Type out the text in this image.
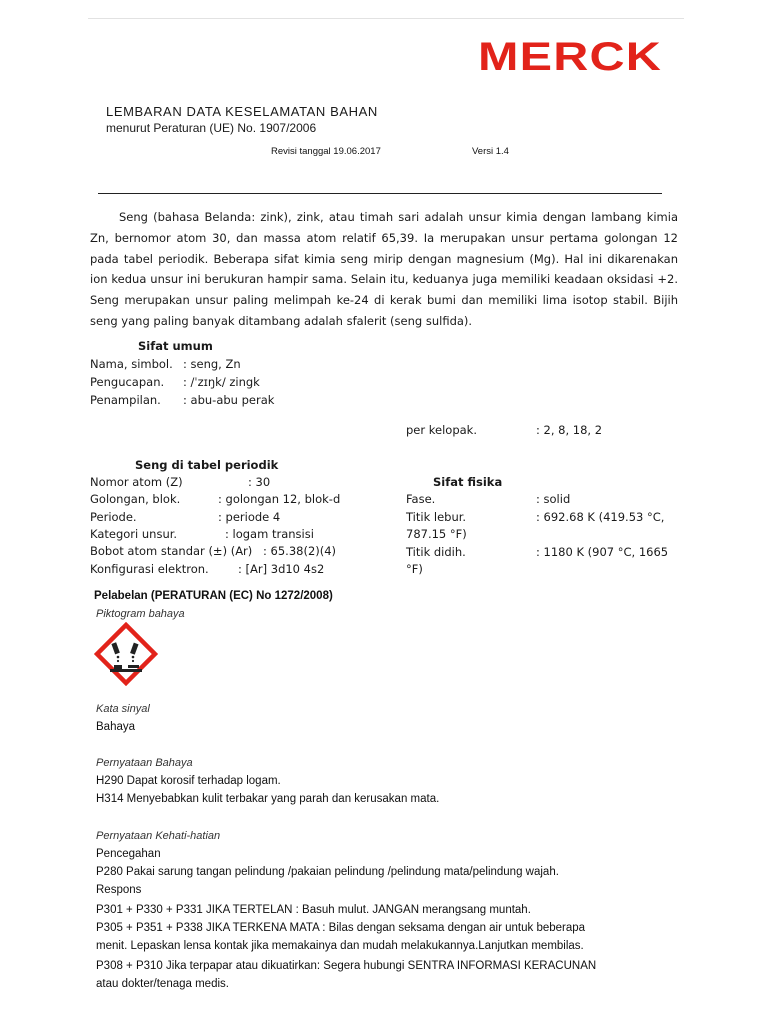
MERCK
LEMBARAN DATA KESELAMATAN BAHAN
menurut Peraturan (UE) No. 1907/2006
Revisi tanggal 19.06.2017	Versi 1.4

Seng (bahasa Belanda: zink), zink, atau timah sari adalah unsur kimia dengan lambang kimia Zn, bernomor atom 30, dan massa atom relatif 65,39. Ia merupakan unsur pertama golongan 12 pada tabel periodik. Beberapa sifat kimia seng mirip dengan magnesium (Mg). Hal ini dikarenakan ion kedua unsur ini berukuran hampir sama. Selain itu, keduanya juga memiliki keadaan oksidasi +2. Seng merupakan unsur paling melimpah ke-24 di kerak bumi dan memiliki lima isotop stabil. Bijih seng yang paling banyak ditambang adalah sfalerit (seng sulfida).

Sifat umum
Nama, simbol. : seng, Zn
Pengucapan. : /ˈzɪŋk/ zingk
Penampilan. : abu-abu perak
per kelopak.	: 2, 8, 18, 2
Seng di tabel periodik
Nomor atom (Z)	: 30
Golongan, blok.	: golongan 12, blok-d
Periode.	: periode 4
Kategori unsur.	: logam transisi
Bobot atom standar (±) (Ar) : 65.38(2)(4)
Konfigurasi elektron.	: [Ar] 3d10 4s2
Sifat fisika
Fase.	: solid
Titik lebur.	: 692.68 K (419.53 °C,
787.15 °F)
Titik didih.	: 1180 K (907 °C, 1665
°F)
Pelabelan (PERATURAN (EC) No 1272/2008)
Piktogram bahaya
Kata sinyal
Bahaya
Pernyataan Bahaya
H290 Dapat korosif terhadap logam.
H314 Menyebabkan kulit terbakar yang parah dan kerusakan mata.
Pernyataan Kehati-hatian
Pencegahan
P280 Pakai sarung tangan pelindung /pakaian pelindung /pelindung mata/pelindung wajah.
Respons
P301 + P330 + P331 JIKA TERTELAN : Basuh mulut. JANGAN merangsang muntah.
P305 + P351 + P338 JIKA TERKENA MATA : Bilas dengan seksama dengan air untuk beberapa
menit. Lepaskan lensa kontak jika memakainya dan mudah melakukannya.Lanjutkan membilas.
P308 + P310 Jika terpapar atau dikuatirkan: Segera hubungi SENTRA INFORMASI KERACUNAN
atau dokter/tenaga medis.
